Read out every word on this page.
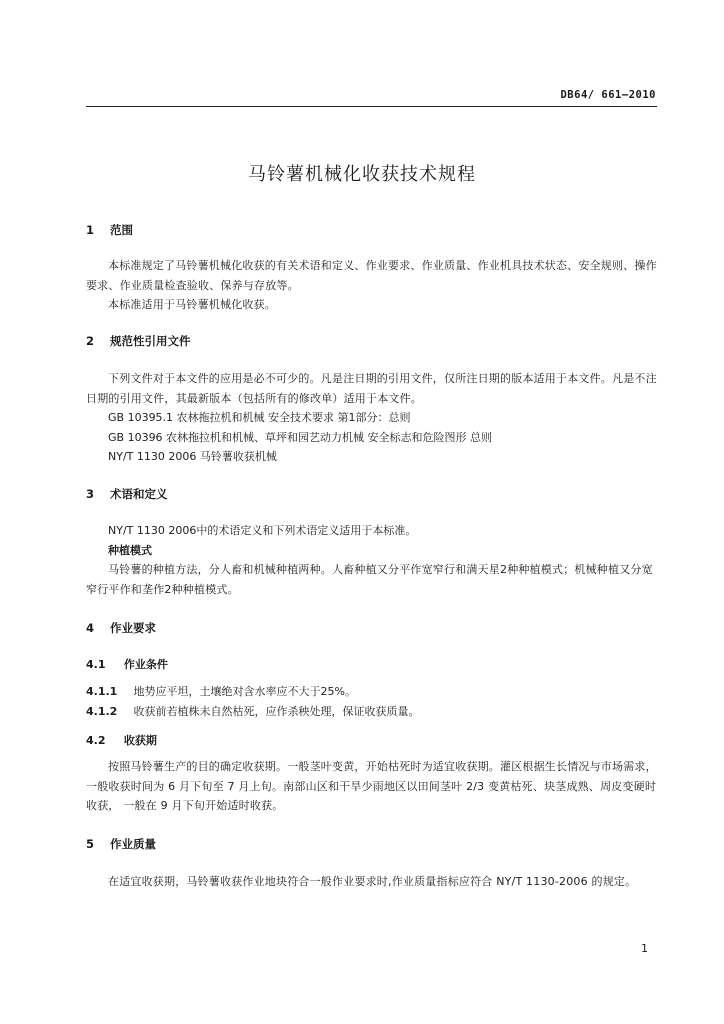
DB64/ 661—2010
马铃薯机械化收获技术规程
1 范围
本标准规定了马铃薯机械化收获的有关术语和定义、作业要求、作业质量、作业机具技术状态、安全规则、操作要求、作业质量检查验收、保养与存放等。
本标准适用于马铃薯机械化收获。
2 规范性引用文件
下列文件对于本文件的应用是必不可少的。凡是注日期的引用文件，仅所注日期的版本适用于本文件。凡是不注日期的引用文件，其最新版本（包括所有的修改单）适用于本文件。
GB 10395.1 农林拖拉机和机械 安全技术要求 第1部分：总则
GB 10396 农林拖拉机和机械、草坪和园艺动力机械 安全标志和危险图形 总则
NY/T 1130 2006 马铃薯收获机械
3 术语和定义
NY/T 1130 2006中的术语定义和下列术语定义适用于本标准。
种植模式
马铃薯的种植方法，分人畜和机械种植两种。人畜种植又分平作宽窄行和满天星2种种植模式；机械种植又分宽窄行平作和垄作2种种植模式。
4 作业要求
4.1 作业条件
4.1.1 地势应平坦，土壤绝对含水率应不大于25%。
4.1.2 收获前若植株未自然枯死，应作杀秧处理，保证收获质量。
4.2 收获期
按照马铃薯生产的目的确定收获期。一般茎叶变黄，开始枯死时为适宜收获期。灌区根据生长情况与市场需求，一般收获时间为 6 月下旬至 7 月上旬。南部山区和干旱少雨地区以田间茎叶 2/3 变黄枯死、块茎成熟、周皮变硬时收获， 一般在 9 月下旬开始适时收获。
5 作业质量
在适宜收获期，马铃薯收获作业地块符合一般作业要求时,作业质量指标应符合 NY/T 1130-2006 的规定。
1
